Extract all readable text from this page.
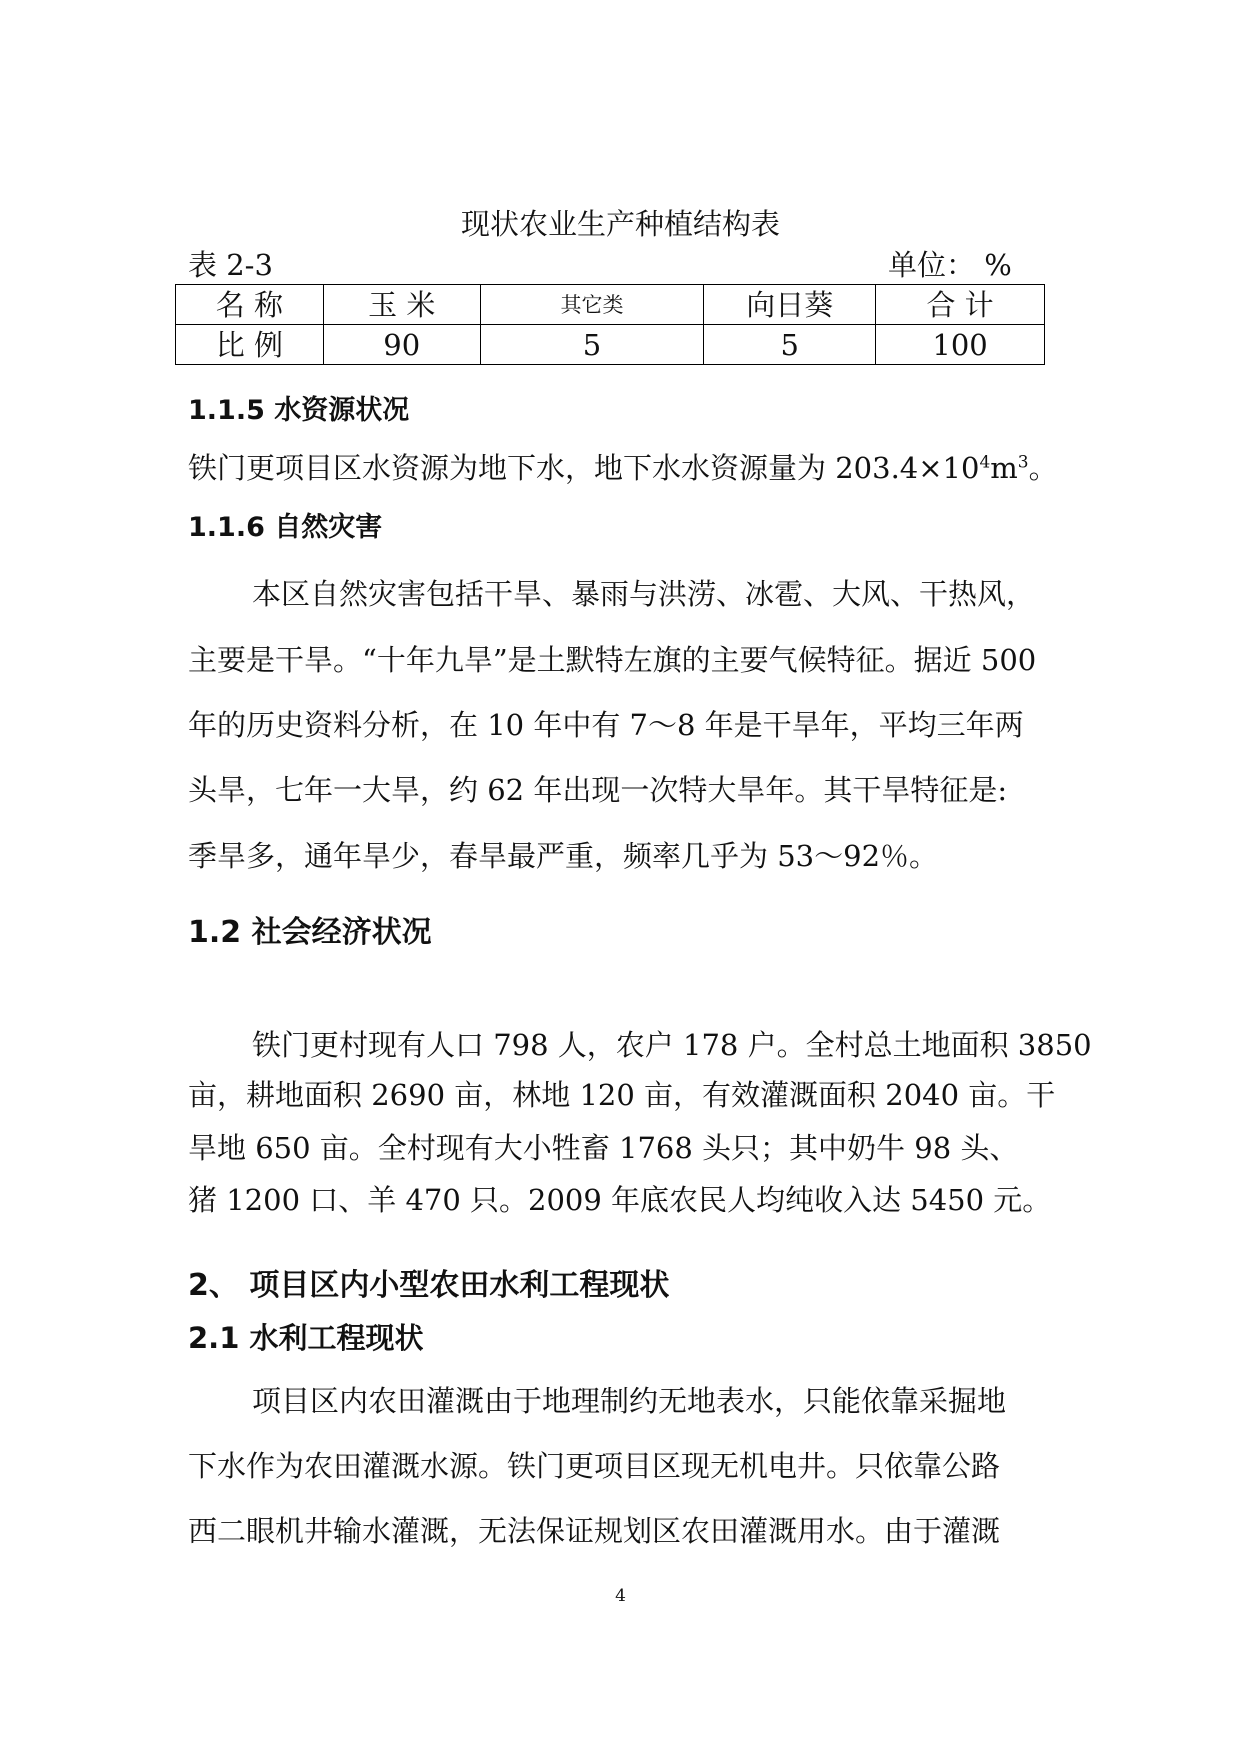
现状农业生产种植结构表
表 2-3	单位： %
名 称	玉 米	其它类	向日葵	合 计
比 例	90	5	5	100
1.1.5 水资源状况
铁门更项目区水资源为地下水，地下水水资源量为 $203.4\times 10^4m^3$。
1.1.6 自然灾害
本区自然灾害包括干旱、暴雨与洪涝、冰雹、大风、干热风，
主要是干旱。“十年九旱”是土默特左旗的主要气候特征。据近 500
年的历史资料分析，在 10 年中有 7～8 年是干旱年，平均三年两
头旱，七年一大旱，约 62 年出现一次特大旱年。其干旱特征是:
季旱多，通年旱少，春旱最严重，频率几乎为 53～92％。
1.2 社会经济状况
铁门更村现有人口 798 人，农户 178 户。全村总土地面积 3850
亩，耕地面积 2690 亩，林地 120 亩，有效灌溉面积 2040 亩。干
旱地 650 亩。全村现有大小牲畜 1768 头只；其中奶牛 98 头、
猪 1200 口、羊 470 只。2009 年底农民人均纯收入达 5450 元。
2、 项目区内小型农田水利工程现状
2.1 水利工程现状
项目区内农田灌溉由于地理制约无地表水，只能依靠采掘地
下水作为农田灌溉水源。铁门更项目区现无机电井。只依靠公路
西二眼机井输水灌溉，无法保证规划区农田灌溉用水。由于灌溉
4
